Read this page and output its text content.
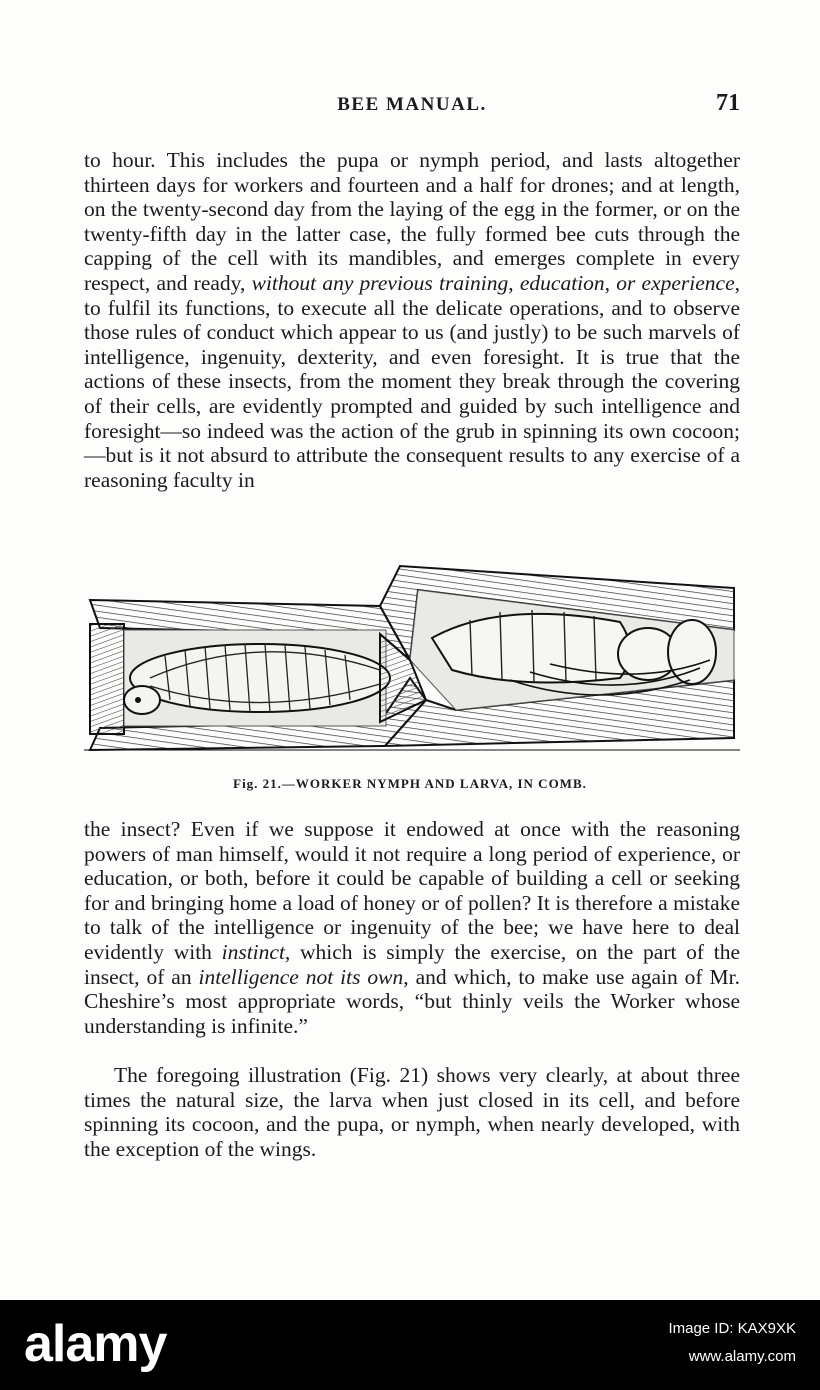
BEE MANUAL.	71

to hour. This includes the pupa or nymph period, and lasts altogether thirteen days for workers and fourteen and a half for drones; and at length, on the twenty-second day from the laying of the egg in the former, or on the twenty-fifth day in the latter case, the fully formed bee cuts through the capping of the cell with its mandibles, and emerges complete in every respect, and ready, without any previous training, education, or experience, to fulfil its functions, to execute all the delicate operations, and to observe those rules of conduct which appear to us (and justly) to be such marvels of intelligence, ingenuity, dexterity, and even foresight. It is true that the actions of these insects, from the moment they break through the covering of their cells, are evidently prompted and guided by such intelligence and foresight—so indeed was the action of the grub in spinning its own cocoon;—but is it not absurd to attribute the consequent results to any exercise of a reasoning faculty in

Fig. 21.—WORKER NYMPH AND LARVA, IN COMB.

the insect? Even if we suppose it endowed at once with the reasoning powers of man himself, would it not require a long period of experience, or education, or both, before it could be capable of building a cell or seeking for and bringing home a load of honey or of pollen? It is therefore a mistake to talk of the intelligence or ingenuity of the bee; we have here to deal evidently with instinct, which is simply the exercise, on the part of the insect, of an intelligence not its own, and which, to make use again of Mr. Cheshire’s most appropriate words, “but thinly veils the Worker whose understanding is infinite.”

The foregoing illustration (Fig. 21) shows very clearly, at about three times the natural size, the larva when just closed in its cell, and before spinning its cocoon, and the pupa, or nymph, when nearly developed, with the exception of the wings.

alamy	Image ID: KAX9XK
www.alamy.com
